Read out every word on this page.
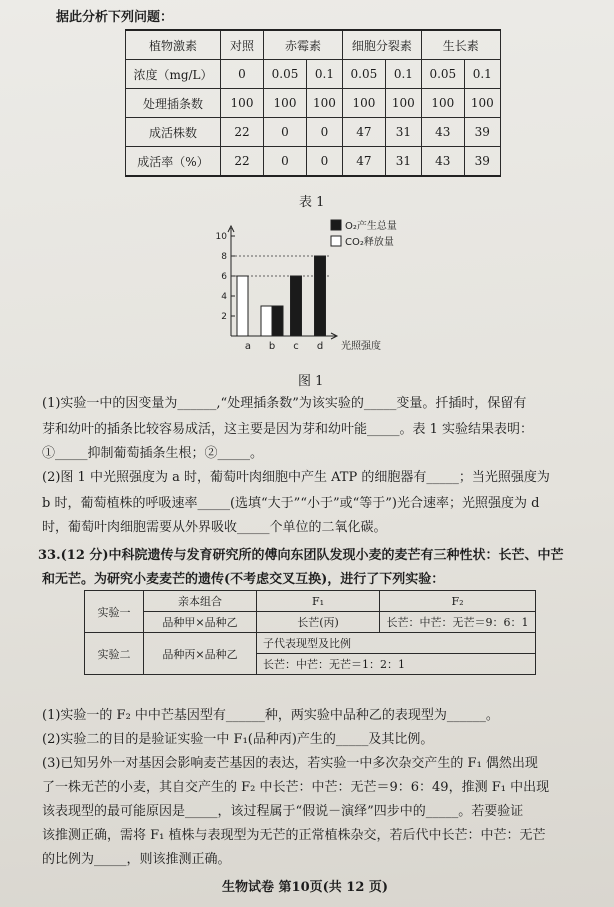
据此分析下列问题：
植物激素	对照	赤霉素		细胞分裂素		生长素	
浓度（mg/L）	0	0.05	0.1	0.05	0.1	0.05	0.1
处理插条数	100	100	100	100	100	100	100
成活株数	22	0	0	47	31	43	39
成活率（%）	22	0	0	47	31	43	39
表 1
2
4
6
8
10
a b c d 光照强度
O₂产生总量
CO₂释放量
图 1
(1)实验一中的因变量为______,“处理插条数”为该实验的_____变量。扦插时，保留有
芽和幼叶的插条比较容易成活，这主要是因为芽和幼叶能_____。表 1 实验结果表明：
①_____抑制葡萄插条生根；②_____。
(2)图 1 中光照强度为 a 时，葡萄叶肉细胞中产生 ATP 的细胞器有_____；当光照强度为
b 时，葡萄植株的呼吸速率_____(选填“大于”“小于”或“等于”)光合速率；光照强度为 d
时，葡萄叶肉细胞需要从外界吸收_____个单位的二氧化碳。
33.(12 分)中科院遗传与发育研究所的傅向东团队发现小麦的麦芒有三种性状：长芒、中芒
和无芒。为研究小麦麦芒的遗传(不考虑交叉互换)，进行了下列实验：
实验一	亲本组合	F₁	F₂
	品种甲×品种乙	长芒(丙)	长芒：中芒：无芒＝9：6：1
实验二	品种丙×品种乙	子代表现型及比例	
		长芒：中芒：无芒＝1：2：1	
(1)实验一的 F₂ 中中芒基因型有______种，两实验中品种乙的表现型为______。
(2)实验二的目的是验证实验一中 F₁(品种丙)产生的_____及其比例。
(3)已知另外一对基因会影响麦芒基因的表达，若实验一中多次杂交产生的 F₁ 偶然出现
了一株无芒的小麦，其自交产生的 F₂ 中长芒：中芒：无芒＝9：6：49，推测 F₁ 中出现
该表现型的最可能原因是_____，该过程属于“假说－演绎”四步中的_____。若要验证
该推测正确，需将 F₁ 植株与表现型为无芒的正常植株杂交，若后代中长芒：中芒：无芒
的比例为_____，则该推测正确。
生物试卷 第10页(共 12 页)
